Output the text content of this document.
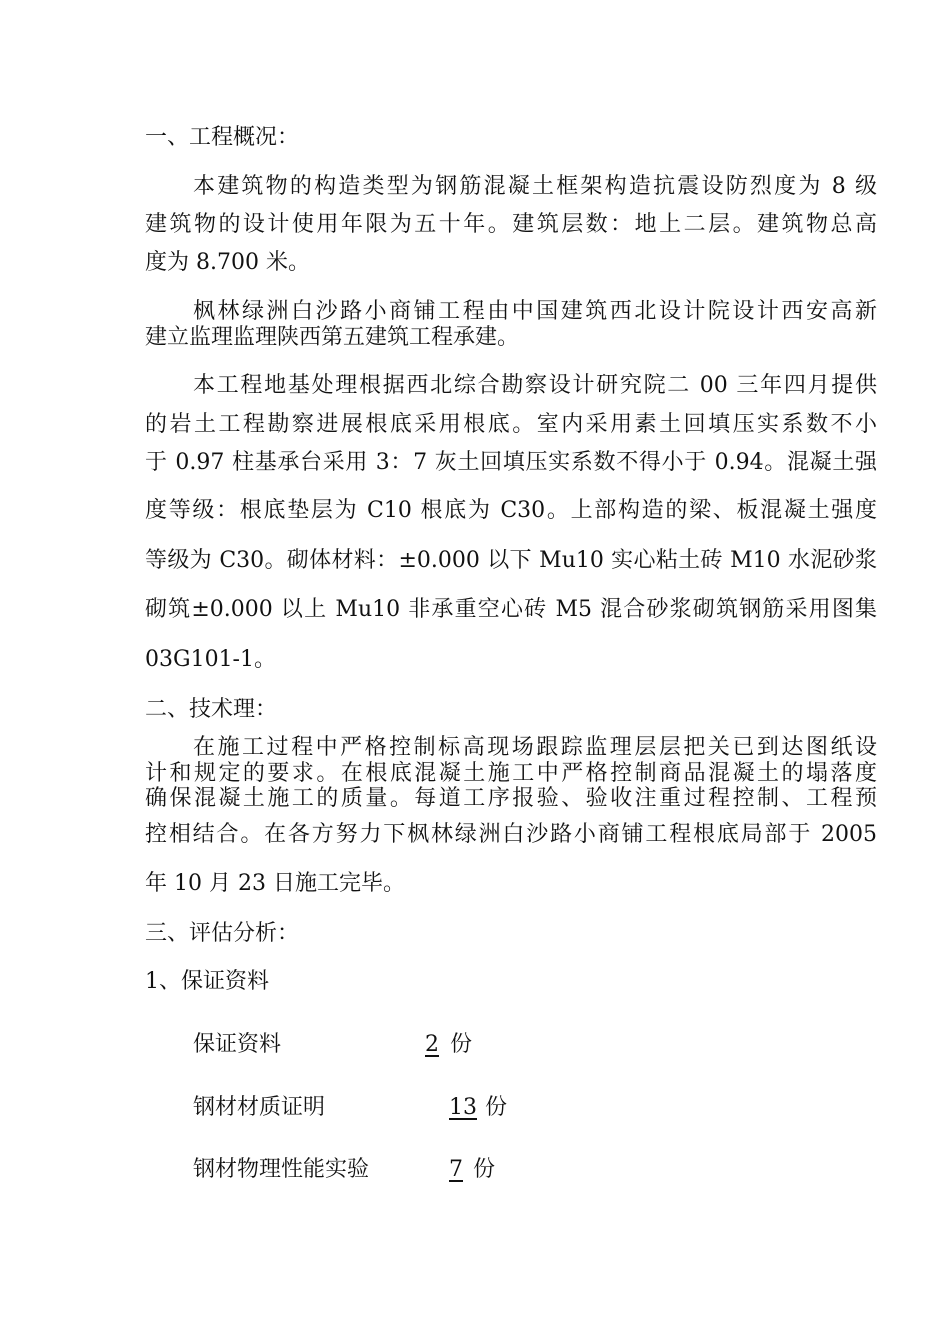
一、工程概况：
本建筑物的构造类型为钢筋混凝土框架构造抗震设防烈度为 8 级
建筑物的设计使用年限为五十年。建筑层数：地上二层。建筑物总高
度为 8.700 米。
枫林绿洲白沙路小商铺工程由中国建筑西北设计院设计西安高新
建立监理监理陕西第五建筑工程承建。
本工程地基处理根据西北综合勘察设计研究院二 00 三年四月提供
的岩土工程勘察进展根底采用根底。室内采用素土回填压实系数不小
于 0.97 柱基承台采用 3：7 灰土回填压实系数不得小于 0.94。混凝土强
度等级：根底垫层为 C10 根底为 C30。上部构造的梁、板混凝土强度
等级为 C30。砌体材料：±0.000 以下 Mu10 实心粘土砖 M10 水泥砂浆
砌筑±0.000 以上 Mu10 非承重空心砖 M5 混合砂浆砌筑钢筋采用图集
03G101-1。
二、技术理：
在施工过程中严格控制标高现场跟踪监理层层把关已到达图纸设
计和规定的要求。在根底混凝土施工中严格控制商品混凝土的塌落度
确保混凝土施工的质量。每道工序报验、验收注重过程控制、工程预
控相结合。在各方努力下枫林绿洲白沙路小商铺工程根底局部于 2005
年 10 月 23 日施工完毕。
三、评估分析：
1、保证资料
保证资料	2 份
钢材材质证明	13 份
钢材物理性能实验	7 份
